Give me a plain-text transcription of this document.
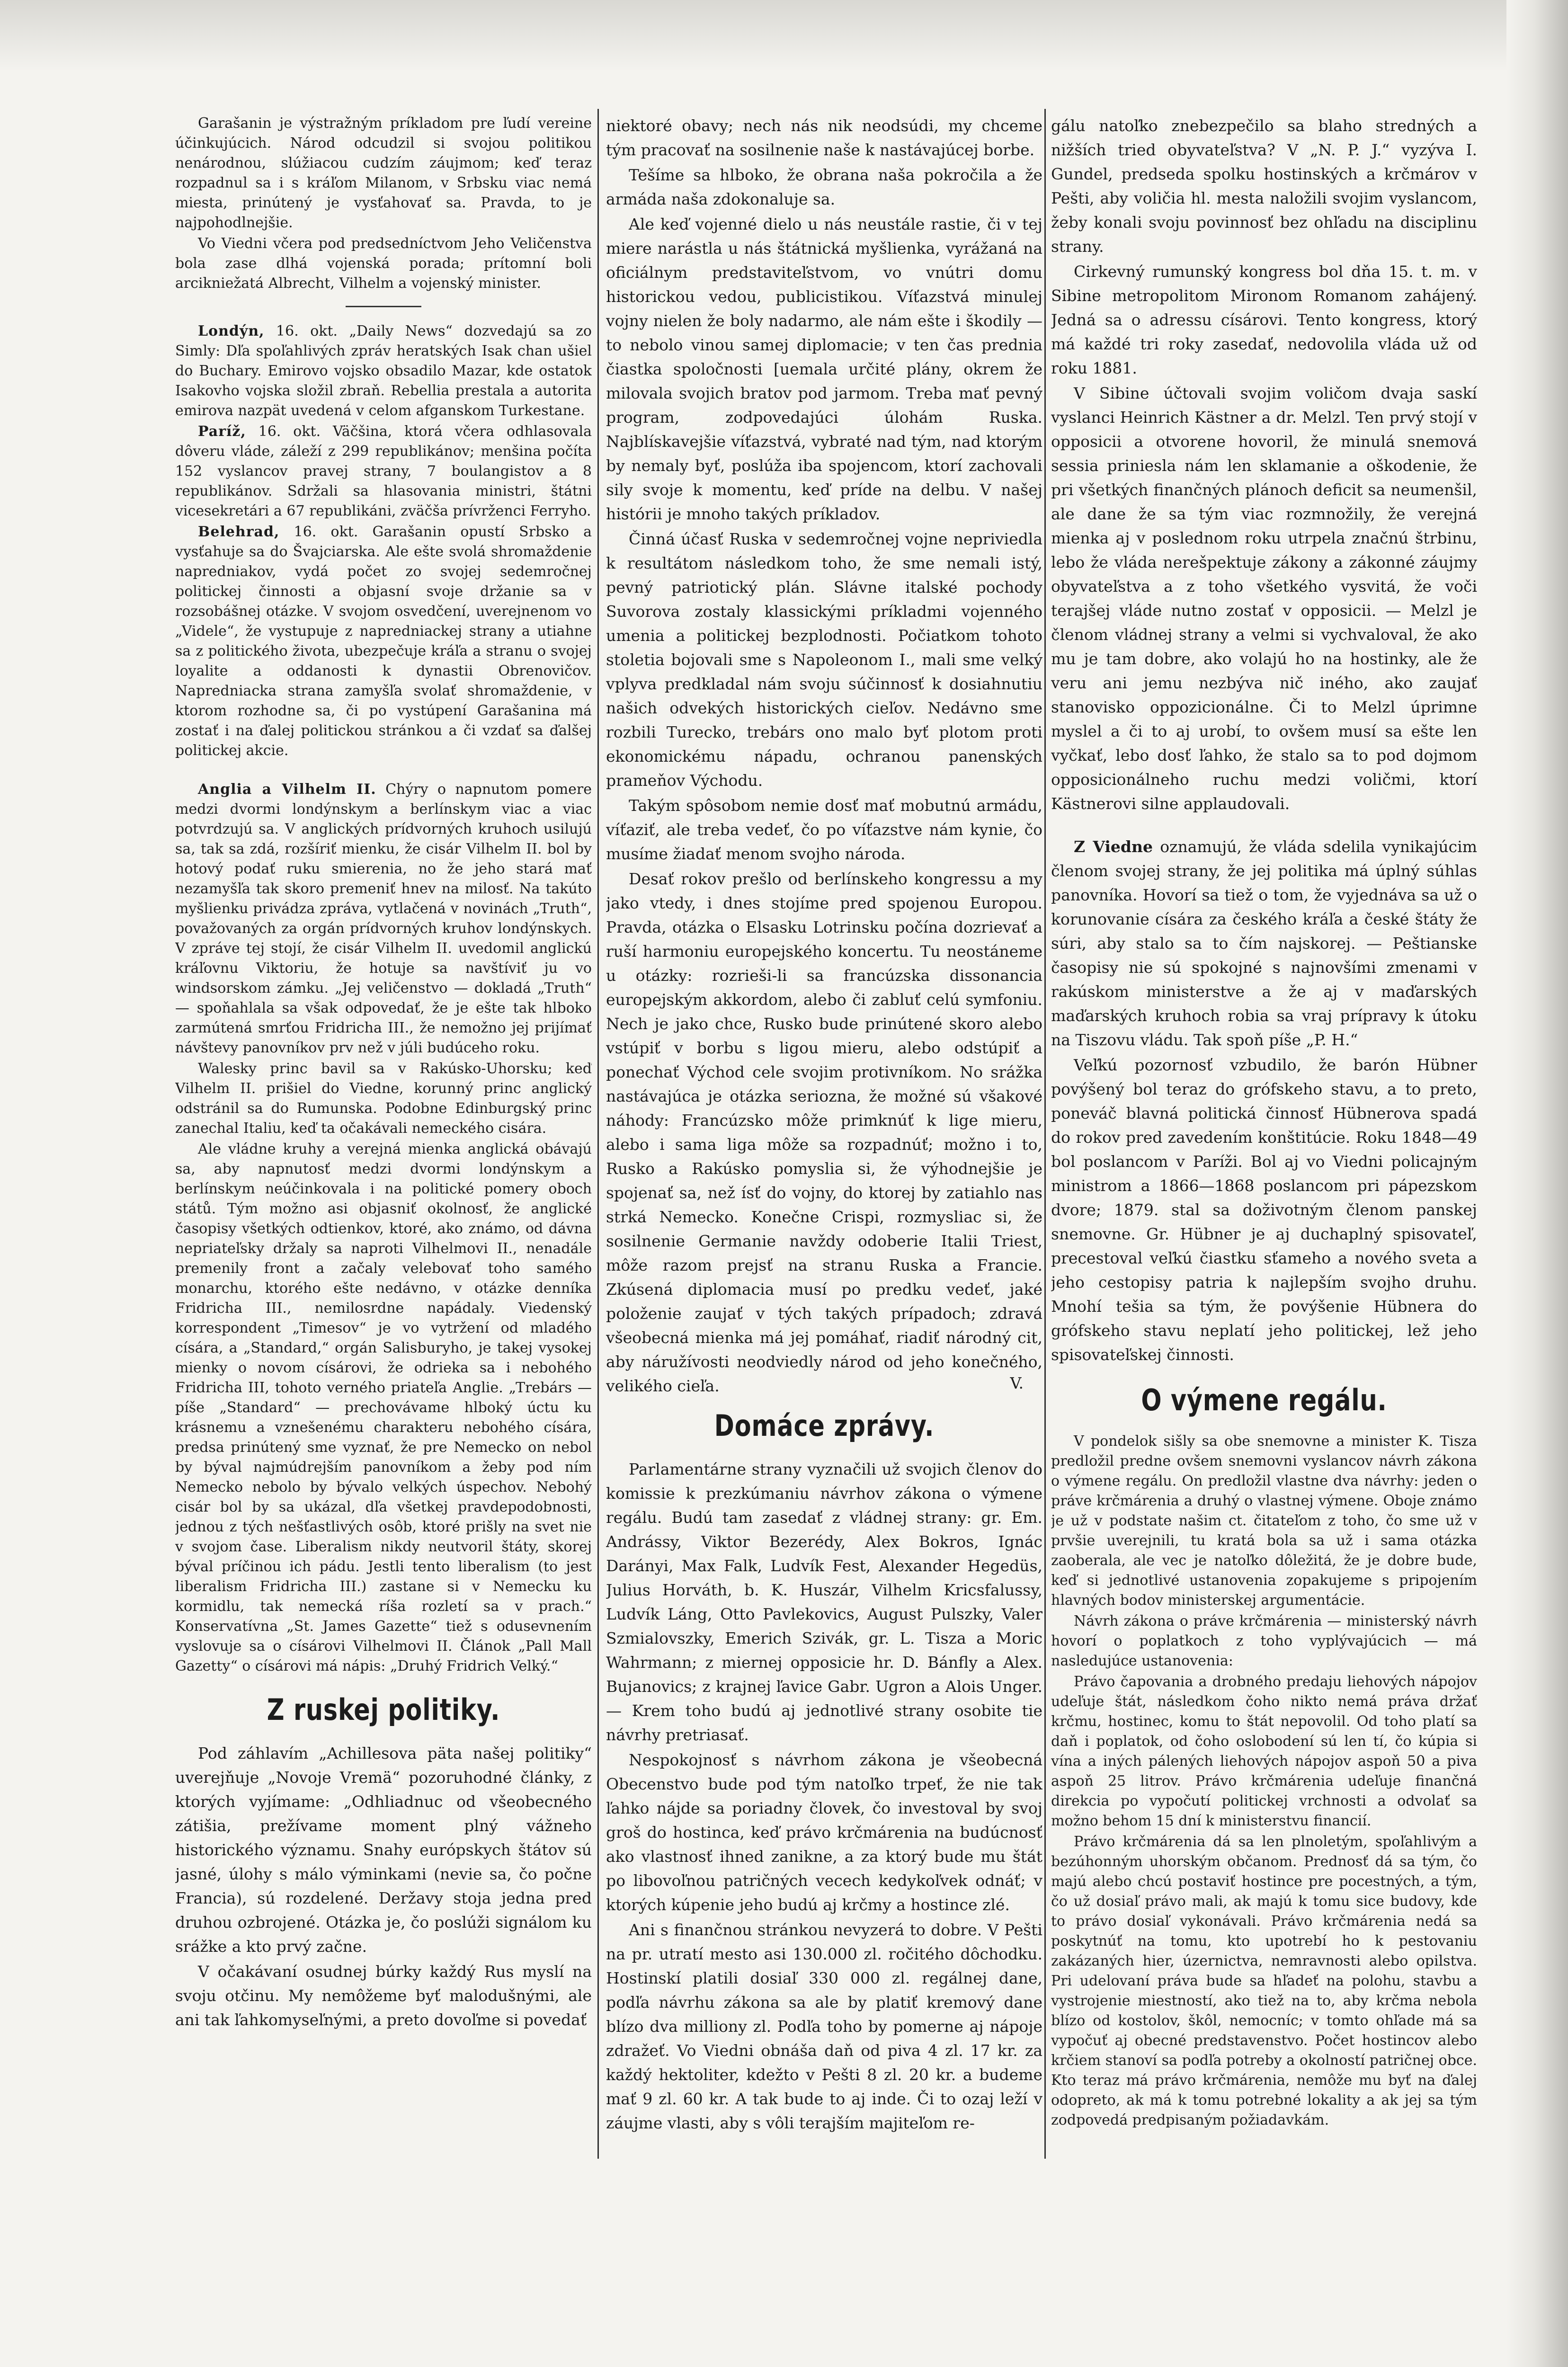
Garašanin je výstražným príkladom pre ľudí vereine účinkujúcich. Národ odcudzil si svojou politikou nenárodnou, slúžiacou cudzím záujmom; keď teraz rozpadnul sa i s kráľom Milanom, v Srbsku viac nemá miesta, prinútený je vysťahovať sa. Pravda, to je najpohodlnejšie.

Vo Viedni včera pod predsedníctvom Jeho Veličenstva bola zase dlhá vojenská porada; prítomní boli arcikniežatá Albrecht, Vilhelm a vojenský minister.

Londýn, 16. okt. „Daily News“ dozvedajú sa zo Simly: Dľa spoľahlivých zpráv heratských Isak chan ušiel do Buchary. Emirovo vojsko obsadilo Mazar, kde ostatok Isakovho vojska složil zbraň. Rebellia prestala a autorita emirova nazpät uvedená v celom afganskom Turkestane.

Paríž, 16. okt. Väčšina, ktorá včera odhlasovala dôveru vláde, záleží z 299 republikánov; menšina počíta 152 vyslancov pravej strany, 7 boulangistov a 8 republikánov. Sdržali sa hlasovania ministri, štátni vicesekretári a 67 republikáni, zväčša prívrženci Ferryho.

Belehrad, 16. okt. Garašanin opustí Srbsko a vysťahuje sa do Švajciarska. Ale ešte svolá shromaždenie napredniakov, vydá počet zo svojej sedemročnej politickej činnosti a objasní svoje držanie sa v rozsobášnej otázke. V svojom osvedčení, uverejnenom vo „Videle“, že vystupuje z napredniackej strany a utiahne sa z politického života, ubezpečuje kráľa a stranu o svojej loyalite a oddanosti k dynastii Obrenovičov. Napredniacka strana zamyšľa svolať shromaždenie, v ktorom rozhodne sa, či po vystúpení Garašanina má zostať i na ďalej politickou stránkou a či vzdať sa ďalšej politickej akcie.

Anglia a Vilhelm II. Chýry o napnutom pomere medzi dvormi londýnskym a berlínskym viac a viac potvrdzujú sa. V anglických prídvorných kruhoch usilujú sa, tak sa zdá, rozšíriť mienku, že cisár Vilhelm II. bol by hotový podať ruku smierenia, no že jeho stará mať nezamyšľa tak skoro premeniť hnev na milosť. Na takúto myšlienku privádza zpráva, vytlačená v novinách „Truth“, považovaných za orgán prídvorných kruhov londýnskych. V zpráve tej stojí, že cisár Vilhelm II. uvedomil anglickú kráľovnu Viktoriu, že hotuje sa navštíviť ju vo windsorskom zámku. „Jej veličenstvo — dokladá „Truth“ — spoňahlala sa však odpovedať, že je ešte tak hlboko zarmútená smrťou Fridricha III., že nemožno jej prijímať návštevy panovníkov prv než v júli budúceho roku.

Walesky princ bavil sa v Rakúsko-Uhorsku; keď Vilhelm II. prišiel do Viedne, korunný princ anglický odstránil sa do Rumunska. Podobne Edinburgský princ zanechal Italiu, keď ta očakávali nemeckého cisára.

Ale vládne kruhy a verejná mienka anglická obávajú sa, aby napnutosť medzi dvormi londýnskym a berlínskym neúčinkovala i na politické pomery oboch států. Tým možno asi objasniť okolnosť, že anglické časopisy všetkých odtienkov, ktoré, ako známo, od dávna nepriateľsky držaly sa naproti Vilhelmovi II., nenadále premenily front a začaly velebovať toho samého monarchu, ktorého ešte nedávno, v otázke denníka Fridricha III., nemilosrdne napádaly. Viedenský korrespondent „Timesov“ je vo vytržení od mladého císára, a „Standard,“ orgán Salisburyho, je takej vysokej mienky o novom císárovi, že odrieka sa i nebohého Fridricha III, tohoto verného priateľa Anglie. „Trebárs — píše „Standard“ — prechovávame hlboký úctu ku krásnemu a vznešenému charakteru nebohého císára, predsa prinútený sme vyznať, že pre Nemecko on nebol by býval najmúdrejším panovníkom a žeby pod ním Nemecko nebolo by bývalo velkých úspechov. Nebohý cisár bol by sa ukázal, dľa všetkej pravdepodobnosti, jednou z tých nešťastlivých osôb, ktoré prišly na svet nie v svojom čase. Liberalism nikdy neutvoril štáty, skorej býval príčinou ich pádu. Jestli tento liberalism (to jest liberalism Fridricha III.) zastane si v Nemecku ku kormidlu, tak nemecká ríša rozletí sa v prach.“ Konservatívna „St. James Gazette“ tiež s odusevnením vyslovuje sa o císárovi Vilhelmovi II. Článok „Pall Mall Gazetty“ o císárovi má nápis: „Druhý Fridrich Velký.“

Z ruskej politiky.

Pod záhlavím „Achillesova päta našej politiky“ uverejňuje „Novoje Vremä“ pozoruhodné články, z ktorých vyjímame: „Odhliadnuc od všeobecného zátišia, prežívame moment plný vážneho historického významu. Snahy európskych štátov sú jasné, úlohy s málo výminkami (nevie sa, čo počne Francia), sú rozdelené. Deržavy stoja jedna pred druhou ozbrojené. Otázka je, čo poslúži signálom ku srážke a kto prvý začne.

V očakávaní osudnej búrky každý Rus myslí na svoju otčinu. My nemôžeme byť malodušnými, ale ani tak ľahkomyseľnými, a preto dovoľme si povedať

niektoré obavy; nech nás nik neodsúdi, my chceme tým pracovať na sosilnenie naše k nastávajúcej borbe.

Tešíme sa hlboko, že obrana naša pokročila a že armáda naša zdokonaluje sa.

Ale keď vojenné dielo u nás neustále rastie, či v tej miere narástla u nás štátnická myšlienka, vyrážaná na oficiálnym predstaviteľstvom, vo vnútri domu historickou vedou, publicistikou. Víťazstvá minulej vojny nielen že boly nadarmo, ale nám ešte i škodily — to nebolo vinou samej diplomacie; v ten čas prednia čiastka spoločnosti [uemala určité plány, okrem že milovala svojich bratov pod jarmom. Treba mať pevný program, zodpovedajúci úlohám Ruska. Najblískavejšie víťazstvá, vybraté nad tým, nad ktorým by nemaly byť, poslúža iba spojencom, ktorí zachovali sily svoje k momentu, keď príde na delbu. V našej histórii je mnoho takých príkladov.

Činná účasť Ruska v sedemročnej vojne nepriviedla k resultátom následkom toho, že sme nemali istý, pevný patriotický plán. Slávne italské pochody Suvorova zostaly klassickými príkladmi vojenného umenia a politickej bezplodnosti. Počiatkom tohoto stoletia bojovali sme s Napoleonom I., mali sme velký vplyva predkladal nám svoju súčinnosť k dosiahnutiu našich odvekých historických cieľov. Nedávno sme rozbili Turecko, trebárs ono malo byť plotom proti ekonomickému nápadu, ochranou panenských prameňov Východu.

Takým spôsobom nemie dosť mať mobutnú armádu, víťaziť, ale treba vedeť, čo po víťazstve nám kynie, čo musíme žiadať menom svojho národa.

Desať rokov prešlo od berlínskeho kongressu a my jako vtedy, i dnes stojíme pred spojenou Europou. Pravda, otázka o Elsasku Lotrinsku počína dozrievať a ruší harmoniu europejského koncertu. Tu neostáneme u otázky: rozrieši-li sa francúzska dissonancia europejským akkordom, alebo či zabluť celú symfoniu. Nech je jako chce, Rusko bude prinútené skoro alebo vstúpiť v borbu s ligou mieru, alebo odstúpiť a ponechať Východ cele svojim protivníkom. No srážka nastávajúca je otázka seriozna, že možné sú všakové náhody: Francúzsko môže primknúť k lige mieru, alebo i sama liga môže sa rozpadnúť; možno i to, Rusko a Rakúsko pomyslia si, že výhodnejšie je spojenať sa, než ísť do vojny, do ktorej by zatiahlo nas strká Nemecko. Konečne Crispi, rozmysliac si, že sosilnenie Germanie navždy odoberie Italii Triest, môže razom prejsť na stranu Ruska a Francie. Zkúsená diplomacia musí po predku vedeť, jaké položenie zaujať v tých takých prípadoch; zdravá všeobecná mienka má jej pomáhať, riadiť národný cit, aby náružívosti neodviedly národ od jeho konečného, velikého cieľa.	V.
Domáce zprávy.

Parlamentárne strany vyznačili už svojich členov do komissie k prezkúmaniu návrhov zákona o výmene regálu. Budú tam zasedať z vládnej strany: gr. Em. Andrássy, Viktor Bezerédy, Alex Bokros, Ignác Darányi, Max Falk, Ludvík Fest, Alexander Hegedüs, Julius Horváth, b. K. Huszár, Vilhelm Kricsfalussy, Ludvík Láng, Otto Pavlekovics, August Pulszky, Valer Szmialovszky, Emerich Szivák, gr. L. Tisza a Moric Wahrmann; z miernej opposicie hr. D. Bánfly a Alex. Bujanovics; z krajnej ľavice Gabr. Ugron a Alois Unger. — Krem toho budú aj jednotlivé strany osobite tie návrhy pretriasať.

Nespokojnosť s návrhom zákona je všeobecná Obecenstvo bude pod tým natoľko trpeť, že nie tak ľahko nájde sa poriadny človek, čo investoval by svoj groš do hostinca, keď právo krčmárenia na budúcnosť ako vlastnosť ihned zanikne, a za ktorý bude mu štát po libovoľnou patričných vecech kedykoľvek odnáť; v ktorých kúpenie jeho budú aj krčmy a hostince zlé.

Ani s finančnou stránkou nevyzerá to dobre. V Pešti na pr. utratí mesto asi 130.000 zl. ročitého dôchodku. Hostinskí platili dosiaľ 330 000 zl. regálnej dane, podľa návrhu zákona sa ale by platiť kremový dane blízo dva milliony zl. Podľa toho by pomerne aj nápoje zdražeť. Vo Viedni obnáša daň od piva 4 zl. 17 kr. za každý hektoliter, kdežto v Pešti 8 zl. 20 kr. a budeme mať 9 zl. 60 kr. A tak bude to aj inde. Či to ozaj leží v záujme vlasti, aby s vôli terajším majiteľom re-

gálu natoľko znebezpečilo sa blaho stredných a nižších tried obyvateľstva? V „N. P. J.“ vyzýva I. Gundel, predseda spolku hostinských a krčmárov v Pešti, aby voličia hl. mesta naložili svojim vyslancom, žeby konali svoju povinnosť bez ohľadu na disciplinu strany.

Cirkevný rumunský kongress bol dňa 15. t. m. v Sibine metropolitom Mironom Romanom zahájený. Jedná sa o adressu císárovi. Tento kongress, ktorý má každé tri roky zasedať, nedovolila vláda už od roku 1881.

V Sibine účtovali svojim voličom dvaja saskí vyslanci Heinrich Kästner a dr. Melzl. Ten prvý stojí v opposicii a otvorene hovoril, že minulá snemová sessia priniesla nám len sklamanie a oškodenie, že pri všetkých finančných plánoch deficit sa neumenšil, ale dane že sa tým viac rozmnožily, že verejná mienka aj v poslednom roku utrpela značnú štrbinu, lebo že vláda nerešpektuje zákony a zákonné záujmy obyvateľstva a z toho všetkého vysvitá, že voči terajšej vláde nutno zostať v opposicii. — Melzl je členom vládnej strany a velmi si vychvaloval, že ako mu je tam dobre, ako volajú ho na hostinky, ale že veru ani jemu nezbýva nič iného, ako zaujať stanovisko oppozicionálne. Či to Melzl úprimne myslel a či to aj urobí, to ovšem musí sa ešte len vyčkať, lebo dosť ľahko, že stalo sa to pod dojmom opposicionálneho ruchu medzi voličmi, ktorí Kästnerovi silne applaudovali.

Z Viedne oznamujú, že vláda sdelila vynikajúcim členom svojej strany, že jej politika má úplný súhlas panovníka. Hovorí sa tiež o tom, že vyjednáva sa už o korunovanie císára za českého kráľa a české štáty že súri, aby stalo sa to čím najskorej. — Peštianske časopisy nie sú spokojné s najnovšími zmenami v rakúskom ministerstve a že aj v maďarských maďarských kruhoch robia sa vraj prípravy k útoku na Tiszovu vládu. Tak spoň píše „P. H.“

Veľkú pozornosť vzbudilo, že barón Hübner povýšený bol teraz do grófskeho stavu, a to preto, poneváč blavná politická činnosť Hübnerova spadá do rokov pred zavedením konštitúcie. Roku 1848—49 bol poslancom v Paríži. Bol aj vo Viedni policajným ministrom a 1866—1868 poslancom pri pápezskom dvore; 1879. stal sa doživotným členom panskej snemovne. Gr. Hübner je aj duchaplný spisovateľ, precestoval veľkú čiastku sťameho a nového sveta a jeho cestopisy patria k najlepším svojho druhu. Mnohí tešia sa tým, že povýšenie Hübnera do grófskeho stavu neplatí jeho politickej, lež jeho spisovateľskej činnosti.

O výmene regálu.

V pondelok sišly sa obe snemovne a minister K. Tisza predložil predne ovšem snemovni vyslancov návrh zákona o výmene regálu. On predložil vlastne dva návrhy: jeden o práve krčmárenia a druhý o vlastnej výmene. Oboje známo je už v podstate našim ct. čitateľom z toho, čo sme už v prvšie uverejnili, tu kratá bola sa už i sama otázka zaoberala, ale vec je natoľko dôležitá, že je dobre bude, keď si jednotlivé ustanovenia zopakujeme s pripojením hlavných bodov ministerskej argumentácie.

Návrh zákona o práve krčmárenia — ministerský návrh hovorí o poplatkoch z toho vyplývajúcich — má nasledujúce ustanovenia:

Právo čapovania a drobného predaju liehových nápojov udeľuje štát, následkom čoho nikto nemá práva držať krčmu, hostinec, komu to štát nepovolil. Od toho platí sa daň i poplatok, od čoho oslobodení sú len tí, čo kúpia si vína a iných pálených liehových nápojov aspoň 50 a piva aspoň 25 litrov. Právo krčmárenia udeľuje finančná direkcia po vypočutí politickej vrchnosti a odvolať sa možno behom 15 dní k ministerstvu financií.

Právo krčmárenia dá sa len plnoletým, spoľahlivým a bezúhonným uhorským občanom. Prednosť dá sa tým, čo majú alebo chcú postaviť hostince pre pocestných, a tým, čo už dosiaľ právo mali, ak majú k tomu sice budovy, kde to právo dosiaľ vykonávali. Právo krčmárenia nedá sa poskytnúť na tomu, kto upotrebí ho k pestovaniu zakázaných hier, úzernictva, nemravnosti alebo opilstva. Pri udelovaní práva bude sa hľadeť na polohu, stavbu a vystrojenie miestností, ako tiež na to, aby krčma nebola blízo od kostolov, škôl, nemocníc; v tomto ohľade má sa vypočuť aj obecné predstavenstvo. Počet hostincov alebo krčiem stanoví sa podľa potreby a okolností patričnej obce. Kto teraz má právo krčmárenia, nemôže mu byť na ďalej odopreto, ak má k tomu potrebné lokality a ak jej sa tým zodpovedá predpisaným požiadavkám.
